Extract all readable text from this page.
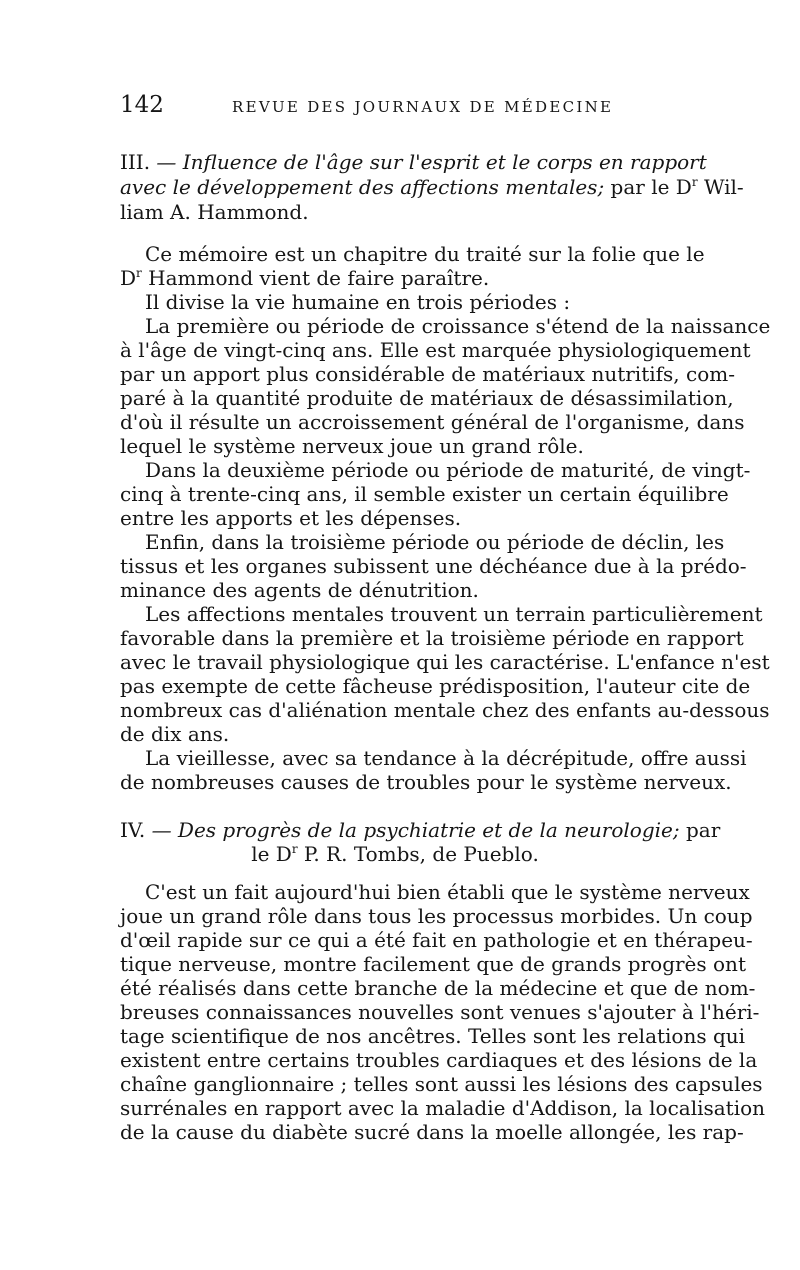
142	REVUE DES JOURNAUX DE MÉDECINE
III. — Influence de l'âge sur l'esprit et le corps en rapport
avec le développement des affections mentales; par le $D^r$ Wil-
liam A. Hammond.
Ce mémoire est un chapitre du traité sur la folie que le
$D^r$ Hammond vient de faire paraître.
Il divise la vie humaine en trois périodes :
La première ou période de croissance s'étend de la naissance
à l'âge de vingt-cinq ans. Elle est marquée physiologiquement
par un apport plus considérable de matériaux nutritifs, com-
paré à la quantité produite de matériaux de désassimilation,
d'où il résulte un accroissement général de l'organisme, dans
lequel le système nerveux joue un grand rôle.
Dans la deuxième période ou période de maturité, de vingt-
cinq à trente-cinq ans, il semble exister un certain équilibre
entre les apports et les dépenses.
Enfin, dans la troisième période ou période de déclin, les
tissus et les organes subissent une déchéance due à la prédo-
minance des agents de dénutrition.
Les affections mentales trouvent un terrain particulièrement
favorable dans la première et la troisième période en rapport
avec le travail physiologique qui les caractérise. L'enfance n'est
pas exempte de cette fâcheuse prédisposition, l'auteur cite de
nombreux cas d'aliénation mentale chez des enfants au-dessous
de dix ans.
La vieillesse, avec sa tendance à la décrépitude, offre aussi
de nombreuses causes de troubles pour le système nerveux.
IV. — Des progrès de la psychiatrie et de la neurologie; par
le $D^r$ P. R. Tombs, de Pueblo.
C'est un fait aujourd'hui bien établi que le système nerveux
joue un grand rôle dans tous les processus morbides. Un coup
d'œil rapide sur ce qui a été fait en pathologie et en thérapeu-
tique nerveuse, montre facilement que de grands progrès ont
été réalisés dans cette branche de la médecine et que de nom-
breuses connaissances nouvelles sont venues s'ajouter à l'héri-
tage scientifique de nos ancêtres. Telles sont les relations qui
existent entre certains troubles cardiaques et des lésions de la
chaîne ganglionnaire ; telles sont aussi les lésions des capsules
surrénales en rapport avec la maladie d'Addison, la localisation
de la cause du diabète sucré dans la moelle allongée, les rap-
